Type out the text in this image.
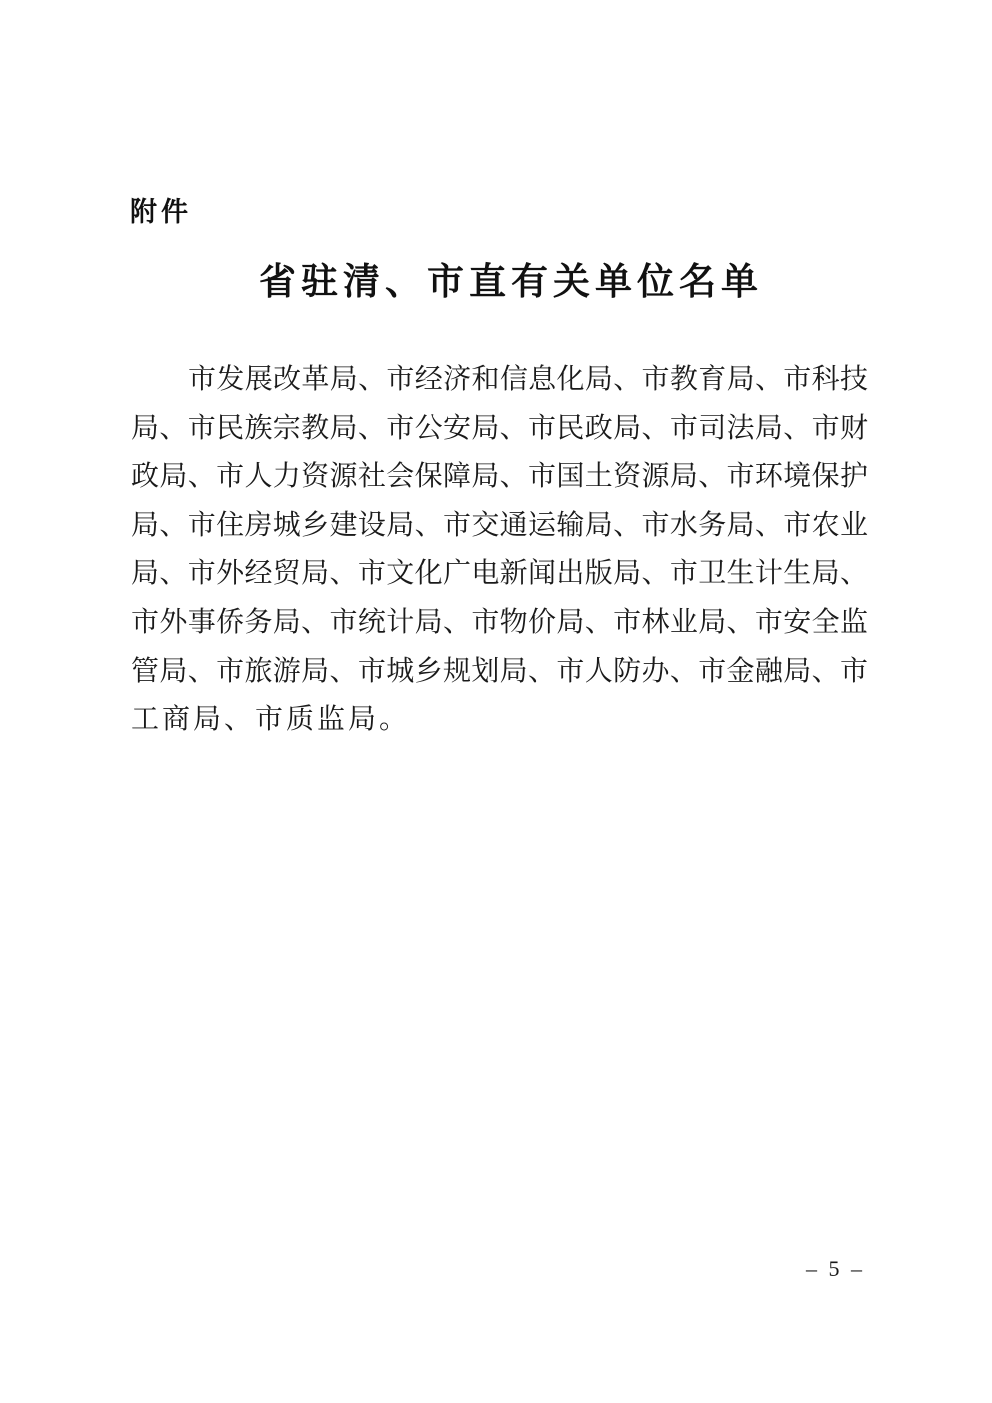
附件
省驻清、市直有关单位名单
市发展改革局、市经济和信息化局、市教育局、市科技
局、市民族宗教局、市公安局、市民政局、市司法局、市财
政局、市人力资源社会保障局、市国土资源局、市环境保护
局、市住房城乡建设局、市交通运输局、市水务局、市农业
局、市外经贸局、市文化广电新闻出版局、市卫生计生局、
市外事侨务局、市统计局、市物价局、市林业局、市安全监
管局、市旅游局、市城乡规划局、市人防办、市金融局、市
工商局、市质监局。
– 5 –
